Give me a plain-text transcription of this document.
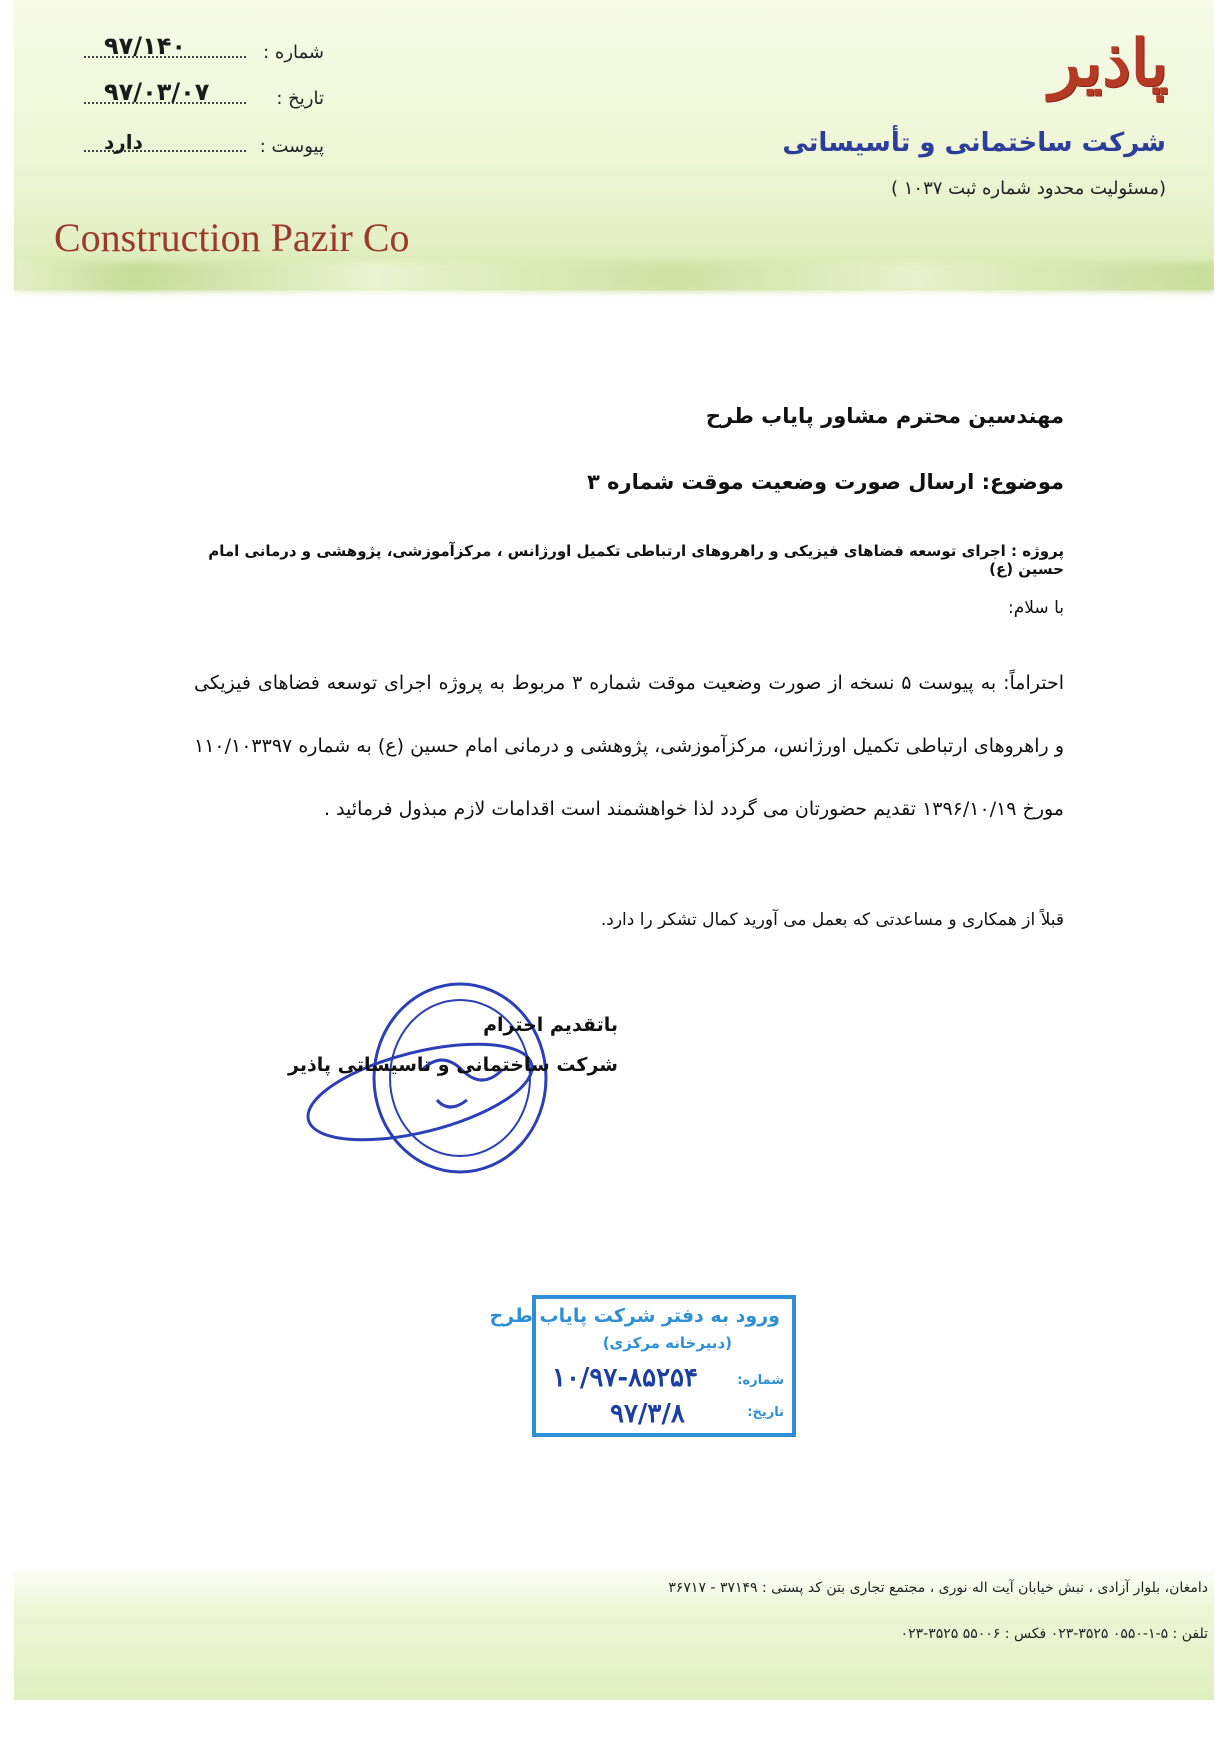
پاذیر
شرکت ساختمانی و تأسیساتی
(مسئولیت محدود شماره ثبت ۱۰۳۷ )
Construction Pazir Co
شماره :
۹۷/۱۴۰
تاریخ :
۹۷/۰۳/۰۷
پیوست :
دارد
مهندسین محترم مشاور پایاب طرح
موضوع: ارسال صورت وضعیت موقت شماره ۳
پروژه : اجرای توسعه فضاهای فیزیکی و راهروهای ارتباطی تکمیل اورژانس ، مرکزآموزشی، پژوهشی و درمانی امام حسین (ع)
با سلام:
احتراماً: به پیوست ۵ نسخه از صورت وضعیت موقت شماره ۳ مربوط به پروژه اجرای توسعه فضاهای فیزیکی و راهروهای ارتباطی تکمیل اورژانس، مرکزآموزشی، پژوهشی و درمانی امام حسین (ع) به شماره ۱۱۰/۱۰۳۳۹۷ مورخ ۱۳۹۶/۱۰/۱۹ تقدیم حضورتان می گردد لذا خواهشمند است اقدامات لازم مبذول فرمائید .
قبلاً از همکاری و مساعدتی که بعمل می آورید کمال تشکر را دارد.
باتقدیم احترام
شرکت ساختمانی و تاسیساتی پاذیر
ورود به دفتر شرکت پایاب طرح
(دبیرخانه مرکزی)
شماره:
تاریخ:
۱۰/۹۷-۸۵۲۵۴
۹۷/۳/۸
دامغان، بلوار آزادی ، نبش خیابان آیت اله نوری ، مجتمع تجاری بتن کد پستی : ۳۷۱۴۹ - ۳۶۷۱۷
تلفن : ۵-۱-۰۵۵۰ ۳۵۲۵-۰۲۳ فکس : ۵۵۰۰۶ ۳۵۲۵-۰۲۳
